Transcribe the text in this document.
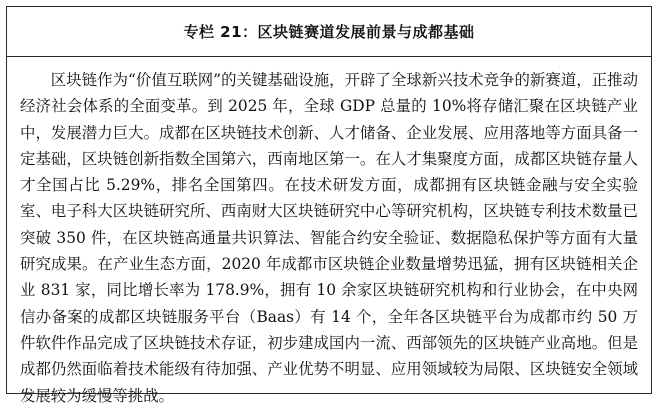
专栏 21：区块链赛道发展前景与成都基础

区块链作为“价值互联网”的关键基础设施，开辟了全球新兴技术竞争的新赛道，正推动经济社会体系的全面变革。到 2025 年，全球 GDP 总量的 10%将存储汇聚在区块链产业中，发展潜力巨大。成都在区块链技术创新、人才储备、企业发展、应用落地等方面具备一定基础，区块链创新指数全国第六，西南地区第一。在人才集聚度方面，成都区块链存量人才全国占比 5.29%，排名全国第四。在技术研发方面，成都拥有区块链金融与安全实验室、电子科大区块链研究所、西南财大区块链研究中心等研究机构，区块链专利技术数量已突破 350 件，在区块链高通量共识算法、智能合约安全验证、数据隐私保护等方面有大量研究成果。在产业生态方面，2020 年成都市区块链企业数量增势迅猛，拥有区块链相关企业 831 家，同比增长率为 178.9%，拥有 10 余家区块链研究机构和行业协会，在中央网信办备案的成都区块链服务平台（Baas）有 14 个，全年各区块链平台为成都市约 50 万件软件作品完成了区块链技术存证，初步建成国内一流、西部领先的区块链产业高地。但是成都仍然面临着技术能级有待加强、产业优势不明显、应用领域较为局限、区块链安全领域发展较为缓慢等挑战。
